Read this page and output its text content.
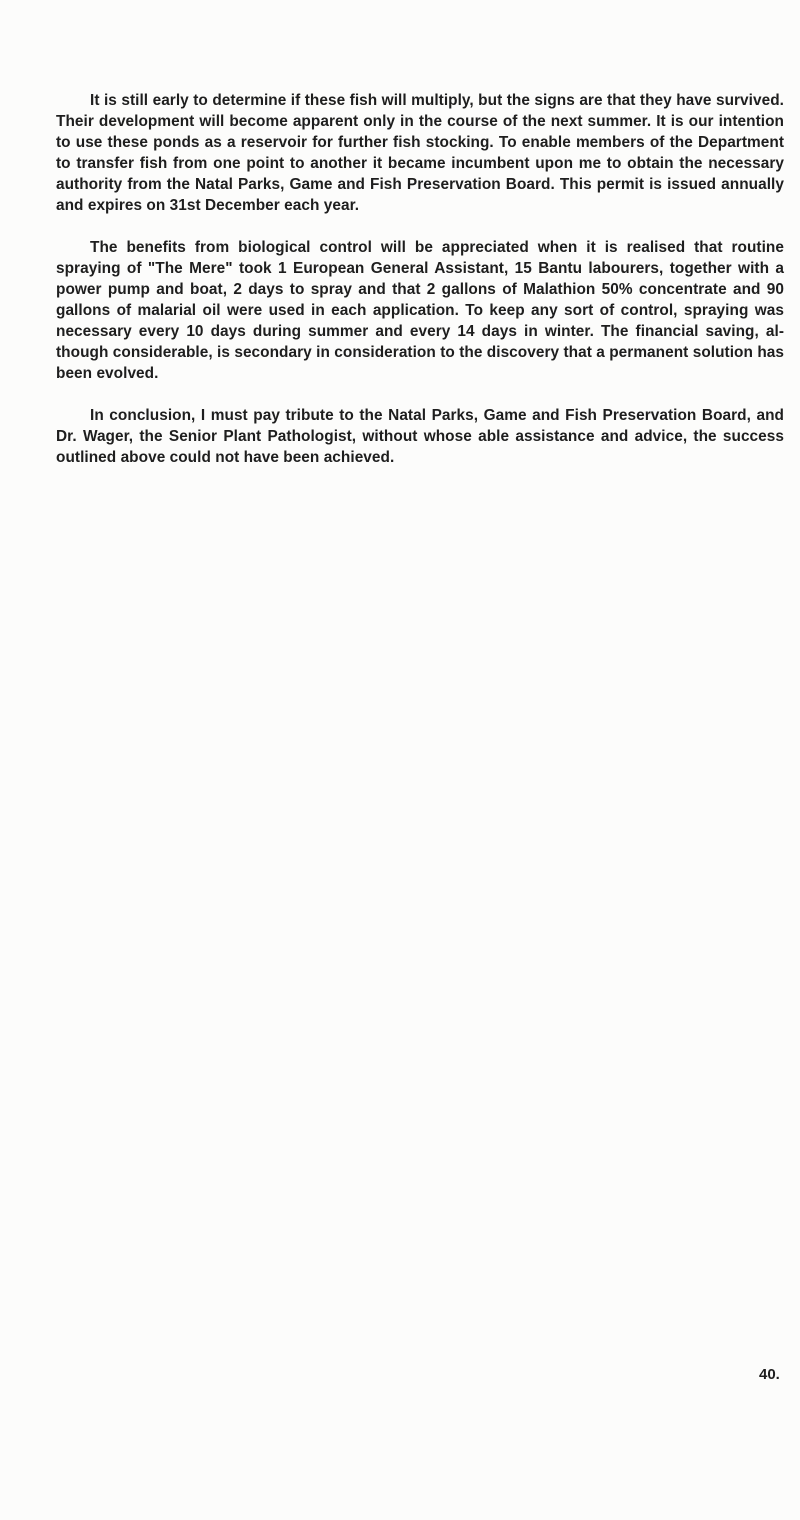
It is still early to determine if these fish will multiply, but the signs are that they have survived. Their development will become apparent only in the course of the next summer. It is our intention to use these ponds as a reservoir for further fish stocking. To enable members of the Department to transfer fish from one point to another it became incumbent upon me to obtain the necessary authority from the Natal Parks, Game and Fish Preservation Board. This permit is issued annually and expires on 31st December each year.

The benefits from biological control will be appreciated when it is realised that routine spraying of "The Mere" took 1 European General Assistant, 15 Bantu labourers, together with a power pump and boat, 2 days to spray and that 2 gallons of Malathion 50% concentrate and 90 gallons of malarial oil were used in each application. To keep any sort of control, spraying was necessary every 10 days during summer and every 14 days in winter. The financial saving, al-though considerable, is secondary in consideration to the discovery that a permanent solution has been evolved.

In conclusion, I must pay tribute to the Natal Parks, Game and Fish Preservation Board, and Dr. Wager, the Senior Plant Pathologist, without whose able assistance and advice, the success outlined above could not have been achieved.

40.
